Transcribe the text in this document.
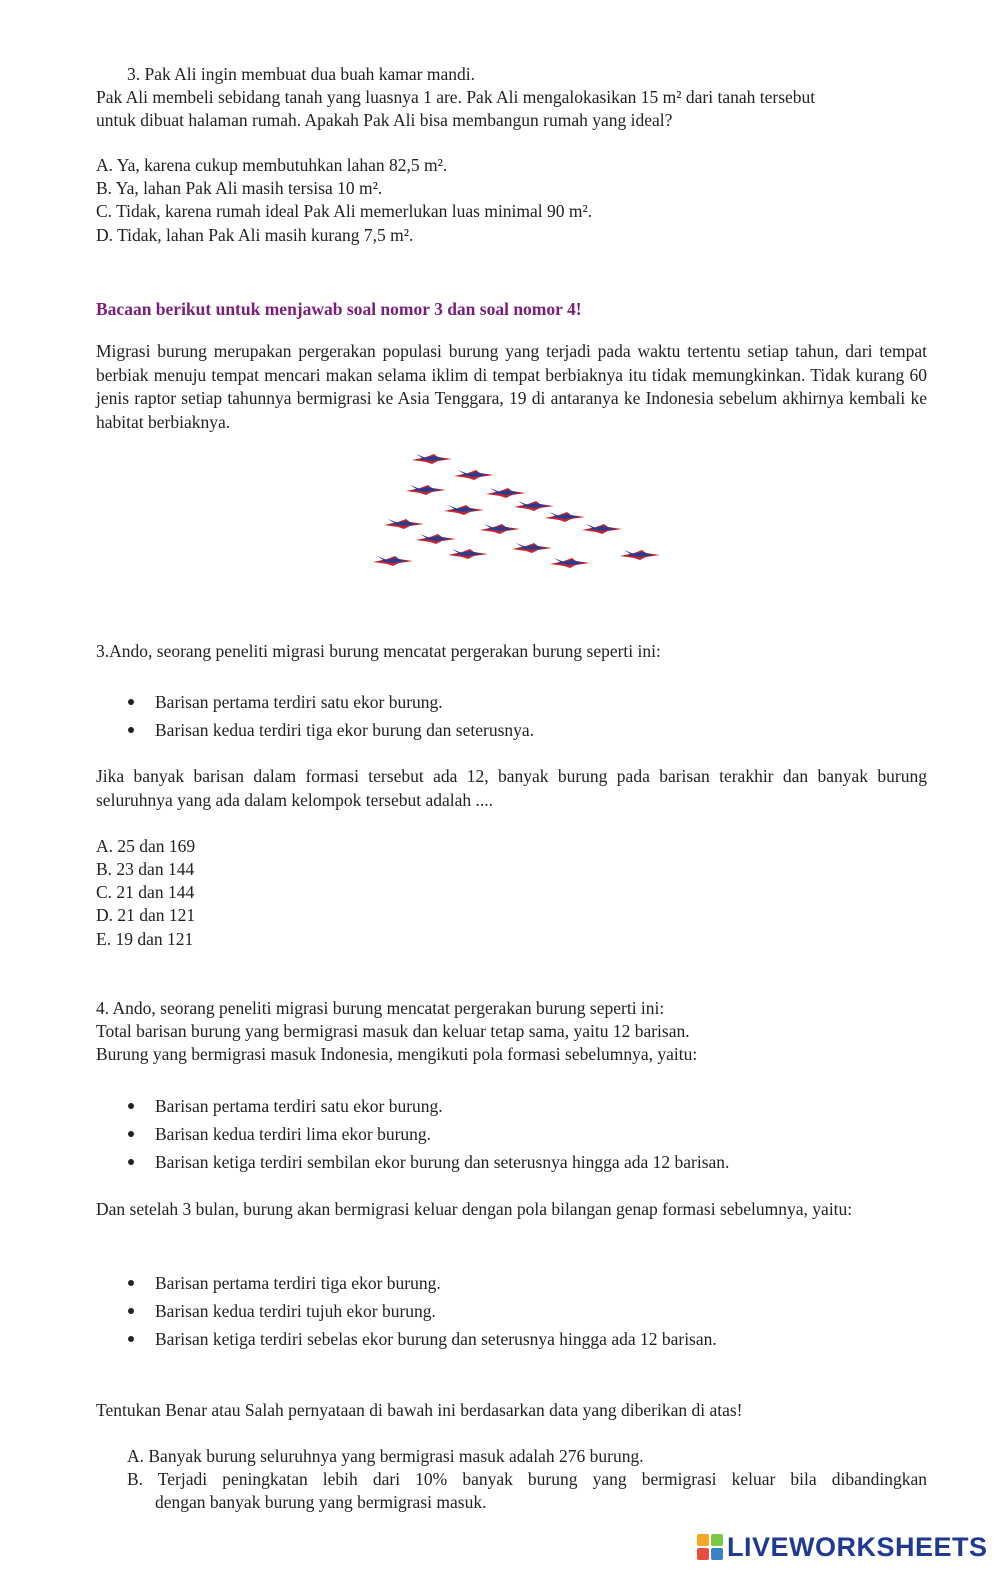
3. Pak Ali ingin membuat dua buah kamar mandi.
Pak Ali membeli sebidang tanah yang luasnya 1 are. Pak Ali mengalokasikan 15 m² dari tanah tersebut
untuk dibuat halaman rumah. Apakah Pak Ali bisa membangun rumah yang ideal?
A. Ya, karena cukup membutuhkan lahan 82,5 m².
B. Ya, lahan Pak Ali masih tersisa 10 m².
C. Tidak, karena rumah ideal Pak Ali memerlukan luas minimal 90 m².
D. Tidak, lahan Pak Ali masih kurang 7,5 m².
Bacaan berikut untuk menjawab soal nomor 3 dan soal nomor 4!
Migrasi burung merupakan pergerakan populasi burung yang terjadi pada waktu tertentu setiap tahun, dari tempat berbiak menuju tempat mencari makan selama iklim di tempat berbiaknya itu tidak memungkinkan. Tidak kurang 60 jenis raptor setiap tahunnya bermigrasi ke Asia Tenggara, 19 di antaranya ke Indonesia sebelum akhirnya kembali ke habitat berbiaknya.
3.Ando, seorang peneliti migrasi burung mencatat pergerakan burung seperti ini:
Barisan pertama terdiri satu ekor burung.
Barisan kedua terdiri tiga ekor burung dan seterusnya.
Jika banyak barisan dalam formasi tersebut ada 12, banyak burung pada barisan terakhir dan banyak burung seluruhnya yang ada dalam kelompok tersebut adalah ....
A. 25 dan 169
B. 23 dan 144
C. 21 dan 144
D. 21 dan 121
E. 19 dan 121
4. Ando, seorang peneliti migrasi burung mencatat pergerakan burung seperti ini:
Total barisan burung yang bermigrasi masuk dan keluar tetap sama, yaitu 12 barisan.
Burung yang bermigrasi masuk Indonesia, mengikuti pola formasi sebelumnya, yaitu:
Barisan pertama terdiri satu ekor burung.
Barisan kedua terdiri lima ekor burung.
Barisan ketiga terdiri sembilan ekor burung dan seterusnya hingga ada 12 barisan.
Dan setelah 3 bulan, burung akan bermigrasi keluar dengan pola bilangan genap formasi sebelumnya, yaitu:
Barisan pertama terdiri tiga ekor burung.
Barisan kedua terdiri tujuh ekor burung.
Barisan ketiga terdiri sebelas ekor burung dan seterusnya hingga ada 12 barisan.
Tentukan Benar atau Salah pernyataan di bawah ini berdasarkan data yang diberikan di atas!
A. Banyak burung seluruhnya yang bermigrasi masuk adalah 276 burung.
B. Terjadi peningkatan lebih dari 10% banyak burung yang bermigrasi keluar bila dibandingkan
dengan banyak burung yang bermigrasi masuk.
LIVEWORKSHEETS
